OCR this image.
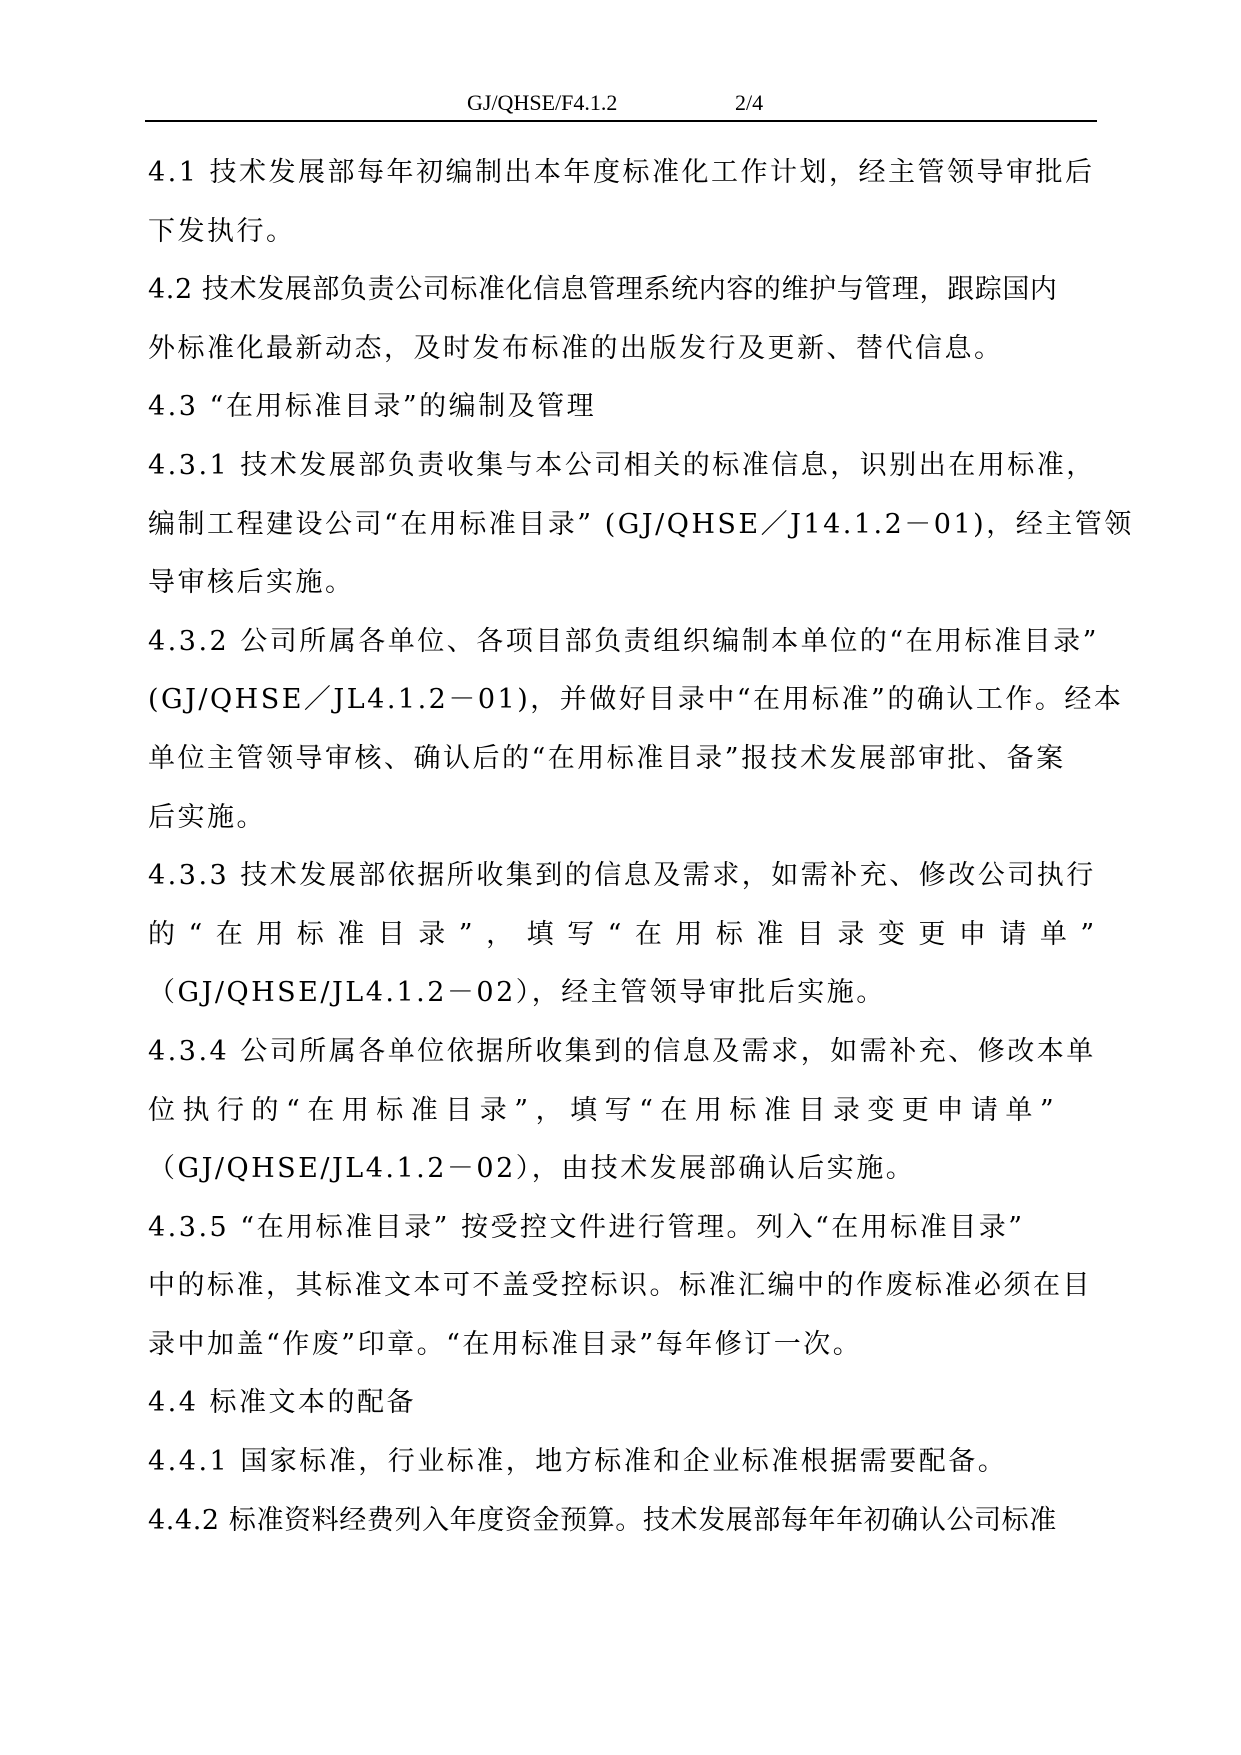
GJ/QHSE/F4.1.2	2/4
4.1 技术发展部每年初编制出本年度标准化工作计划，经主管领导审批后
下发执行。
4.2 技术发展部负责公司标准化信息管理系统内容的维护与管理，跟踪国内
外标准化最新动态，及时发布标准的出版发行及更新、替代信息。
4.3 “在用标准目录”的编制及管理
4.3.1 技术发展部负责收集与本公司相关的标准信息，识别出在用标准，
编制工程建设公司“在用标准目录” (GJ/QHSE／J14.1.2－01)，经主管领
导审核后实施。
4.3.2 公司所属各单位、各项目部负责组织编制本单位的“在用标准目录”
(GJ/QHSE／JL4.1.2－01)，并做好目录中“在用标准”的确认工作。经本
单位主管领导审核、确认后的“在用标准目录”报技术发展部审批、备案
后实施。
4.3.3 技术发展部依据所收集到的信息及需求，如需补充、修改公司执行
的“在用标准目录”，填写“在用标准目录变更申请单”
（GJ/QHSE/JL4.1.2－02），经主管领导审批后实施。
4.3.4 公司所属各单位依据所收集到的信息及需求，如需补充、修改本单
位执行的“在用标准目录”，填写“在用标准目录变更申请单”
（GJ/QHSE/JL4.1.2－02），由技术发展部确认后实施。
4.3.5 “在用标准目录” 按受控文件进行管理。列入“在用标准目录”
中的标准，其标准文本可不盖受控标识。标准汇编中的作废标准必须在目
录中加盖“作废”印章。“在用标准目录”每年修订一次。
4.4 标准文本的配备
4.4.1 国家标准，行业标准，地方标准和企业标准根据需要配备。
4.4.2 标准资料经费列入年度资金预算。技术发展部每年年初确认公司标准
